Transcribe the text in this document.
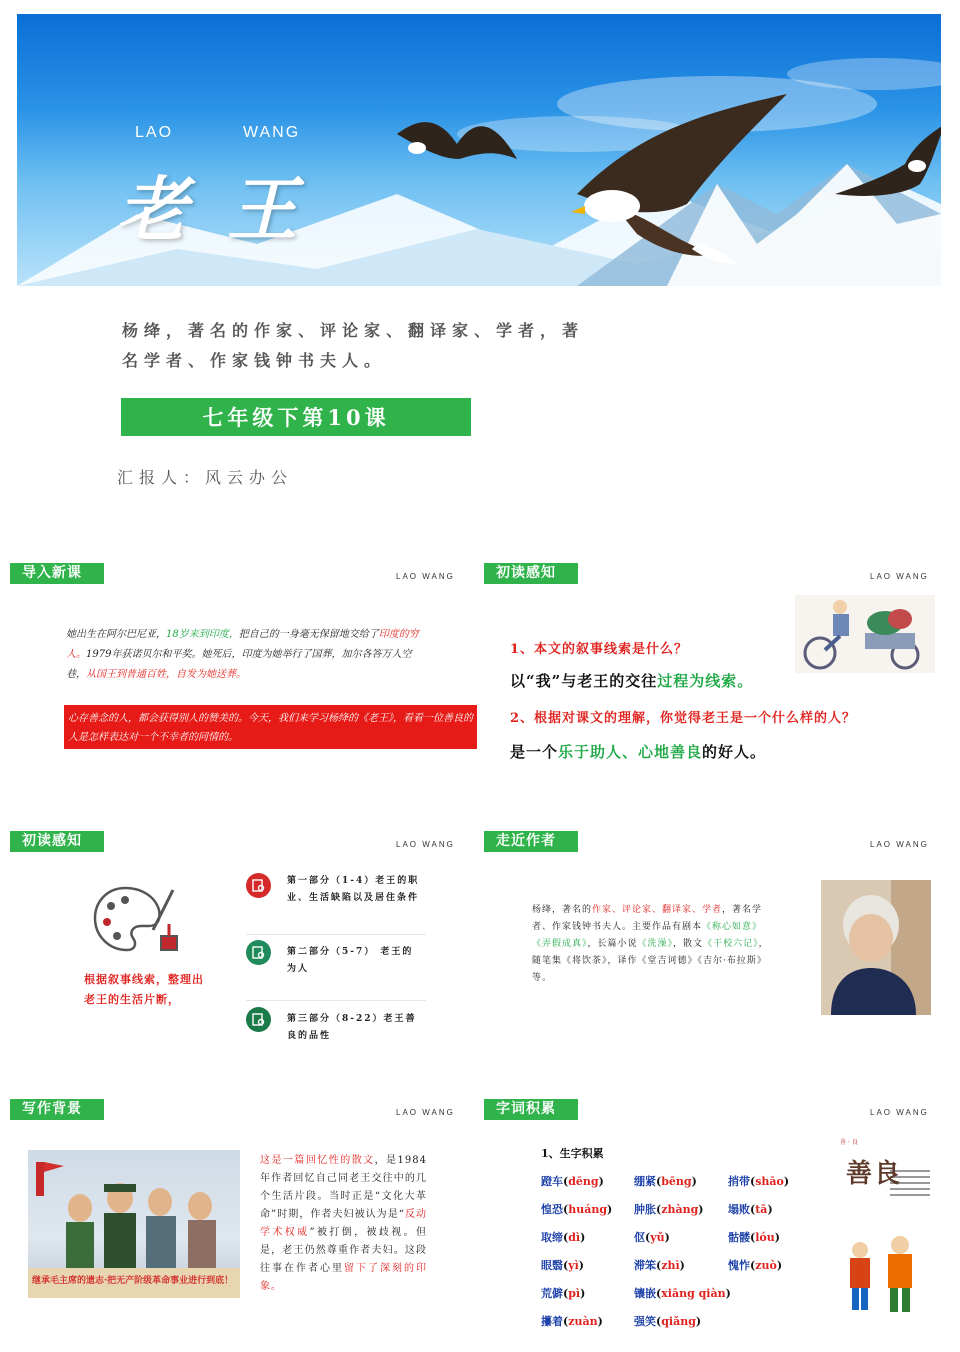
LAO	WANG
老王
杨绛，著名的作家、评论家、翻译家、学者，著名学者、作家钱钟书夫人。
七年级下第10课
汇报人：风云办公
导入新课	LAO WANG
她出生在阿尔巴尼亚，18岁来到印度，把自己的一身毫无保留地交给了印度的穷人。1979年获诺贝尔和平奖。她死后，印度为她举行了国葬，加尔各答万人空巷，从国王到普通百姓，自发为她送葬。
心存善念的人，都会获得别人的赞美的。今天，我们来学习杨绛的《老王》，看看一位善良的人是怎样表达对一个不幸者的同情的。
初读感知	LAO WANG
1、本文的叙事线索是什么？
以“我”与老王的交往过程为线索。
2、根据对课文的理解，你觉得老王是一个什么样的人？
是一个乐于助人、心地善良的好人。
初读感知	LAO WANG
根据叙事线索，整理出老王的生活片断，
第一部分（1-4）老王的职业、生活缺陷以及居住条件
第二部分（5-7） 老王的为人
第三部分（8-22）老王善良的品性
走近作者	LAO WANG
杨绛，著名的作家、评论家、翻译家、学者，著名学者、作家钱钟书夫人。主要作品有剧本《称心如意》《弄假成真》，长篇小说《洗澡》，散文《干校六记》，随笔集《将饮茶》，译作《堂吉诃德》《吉尔·布拉斯》等。
写作背景	LAO WANG
继承毛主席的遗志·把无产阶级革命事业进行到底！
这是一篇回忆性的散文，是1984年作者回忆自己同老王交往中的几个生活片段。当时正是“文化大革命”时期，作者夫妇被认为是“反动学术权威”被打倒，被歧视。但是，老王仍然尊重作者夫妇。这段往事在作者心里留下了深刻的印象。
字词积累	LAO WANG
1、生字积累
蹬车(dēng)	绷紧(bēng)	捎带(shāo)
惶恐(huáng) 肿胀(zhàng) 塌败(tā)
取缔(dì)	伛(yǔ)	骷髅(lóu)
眼翳(yì)	滞笨(zhì)	愧怍(zuò)
荒僻(pì)	镶嵌(xiāng qiàn)
攥着(zuàn)	强笑(qiǎng)
善 · 良
善良
